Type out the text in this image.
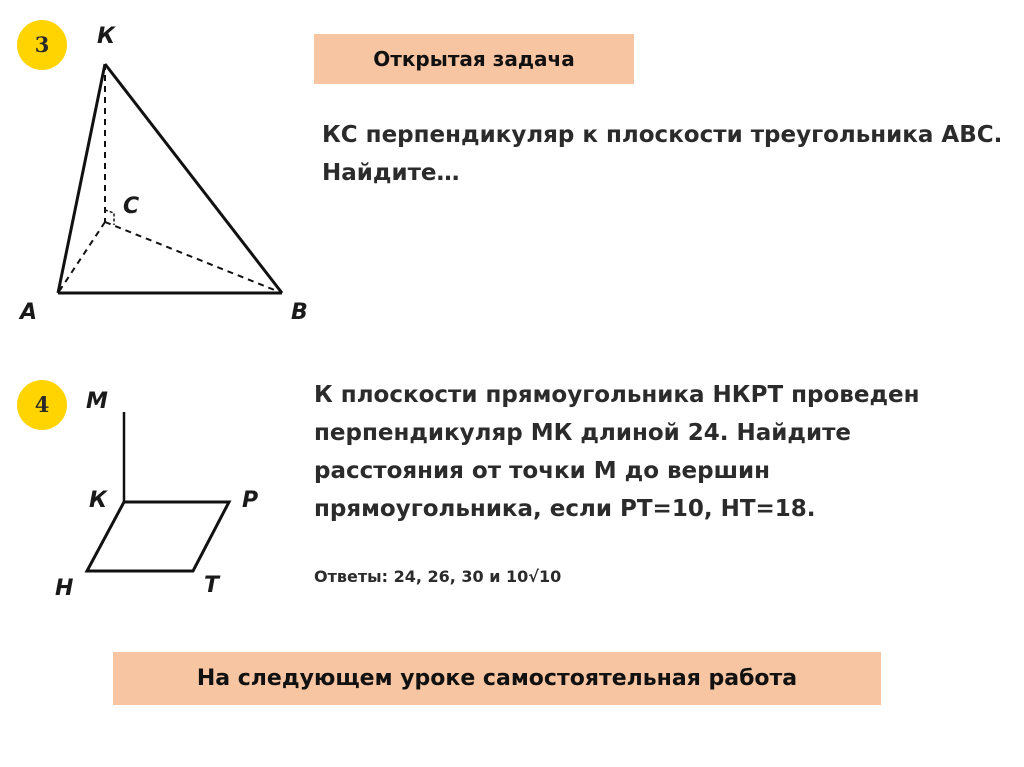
3	К
С
А	В
Открытая задача
КС перпендикуляр к плоскости треугольника АВС. Найдите…
4	М
К	Р
Н	Т
К плоскости прямоугольника НКРТ проведен перпендикуляр МК длиной 24. Найдите расстояния от точки М до вершин прямоугольника, если РТ=10, НТ=18.
Ответы: 24, 26, 30 и 10√10
На следующем уроке самостоятельная работа
